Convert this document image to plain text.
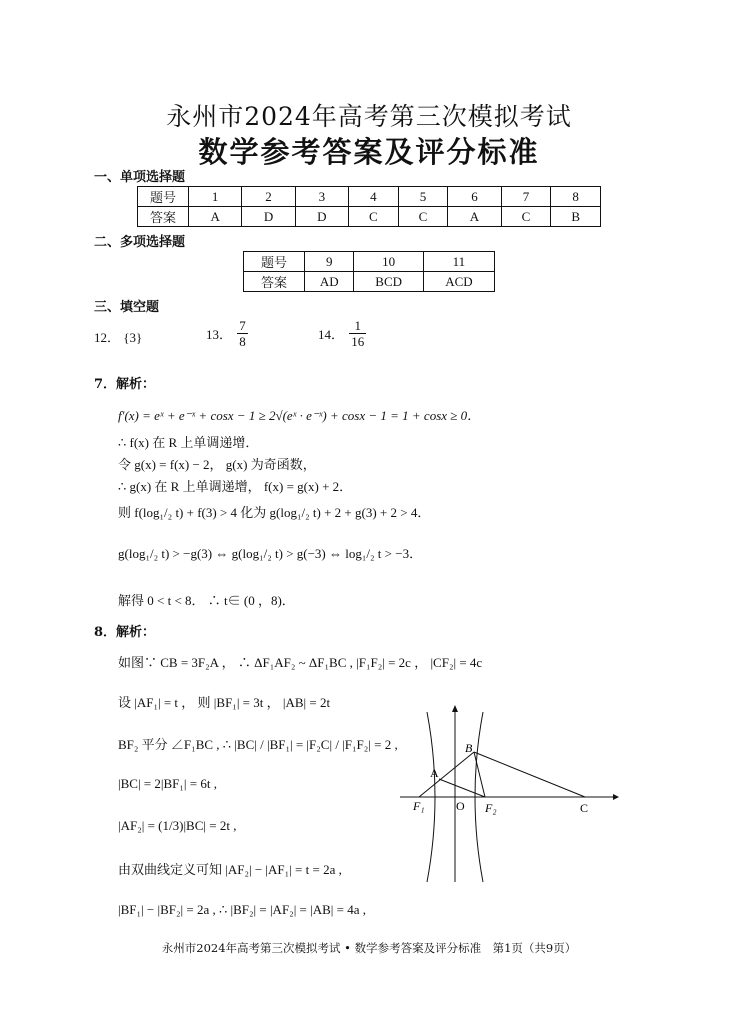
永州市2024年高考第三次模拟考试
数学参考答案及评分标准
一、单项选择题
题号	1	2	3	4	5	6	7	8
答案	A	D	D	C	C	A	C	B
二、多项选择题
题号	9	10	11
答案	AD	BCD	ACD
三、填空题
12． {3}	13． $\frac{7}{8}$	14． $\frac{1}{16}$
7．解析：
f′(x) = eˣ + e⁻ˣ + cosx − 1 ≥ 2√(eˣ · e⁻ˣ) + cosx − 1 = 1 + cosx ≥ 0．
∴ f(x) 在 R 上单调递增．
令 g(x) = f(x) − 2， g(x) 为奇函数，
∴ g(x) 在 R 上单调递增， f(x) = g(x) + 2．
则 f(log₁/₂ t) + f(3) > 4 化为 g(log₁/₂ t) + 2 + g(3) + 2 > 4．
g(log₁/₂ t) > −g(3) ⇔ g(log₁/₂ t) > g(−3) ⇔ log₁/₂ t > −3．
解得 0 < t < 8． ∴ t∈ (0 ，8)．
8．解析：
如图∵ CB = 3F₂A ， ∴ ΔF₁AF₂ ~ ΔF₁BC , |F₁F₂| = 2c ， |CF₂| = 4c
设 |AF₁| = t ， 则 |BF₁| = 3t ， |AB| = 2t
BF₂ 平分 ∠F₁BC , ∴ |BC| / |BF₁| = |F₂C| / |F₁F₂| = 2 ,
|BC| = 2|BF₁| = 6t ,
|AF₂| = (1/3)|BC| = 2t ,
由双曲线定义可知 |AF₂| − |AF₁| = t = 2a ,
|BF₁| − |BF₂| = 2a , ∴ |BF₂| = |AF₂| = |AB| = 4a ,
B
A
F₁	O F₂	C
永州市2024年高考第三次模拟考试 • 数学参考答案及评分标准　第1页（共9页）
